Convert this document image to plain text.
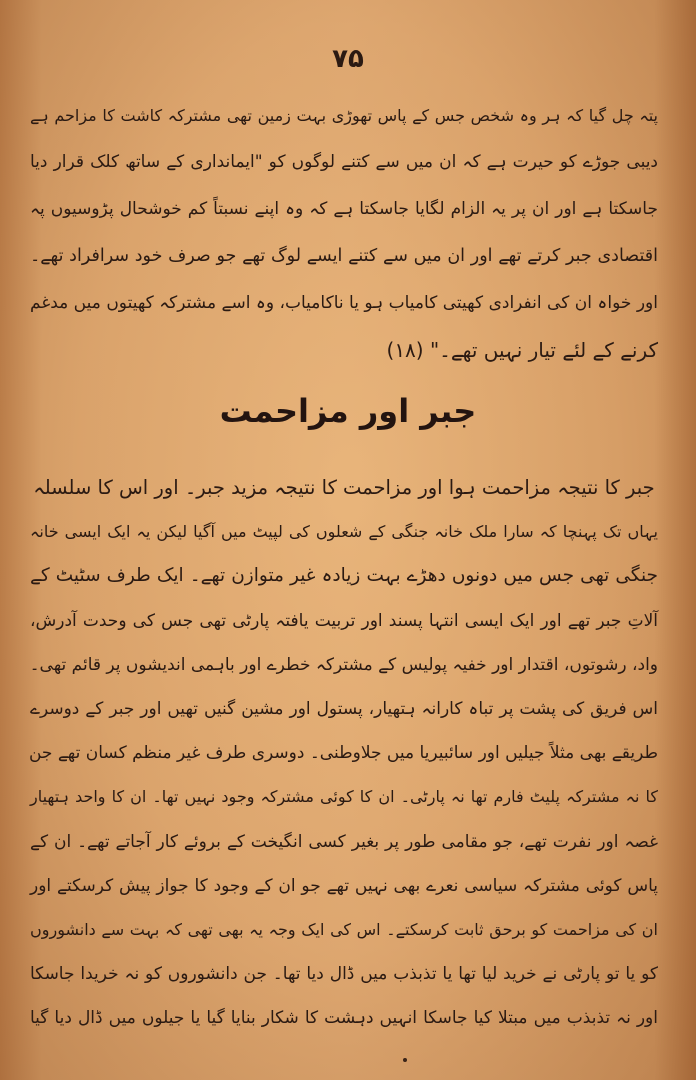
۷۵
پتہ چل گیا کہ ہر وہ شخص جس کے پاس تھوڑی بہت زمین تھی مشترکہ کاشت کا مزاحم ہے
دیبی جوڑے کو حیرت ہے کہ ان میں سے کتنے لوگوں کو "ایمانداری کے ساتھ کلک قرار دیا
جاسکتا ہے اور ان پر یہ الزام لگایا جاسکتا ہے کہ وہ اپنے نسبتاً کم خوشحال پڑوسیوں پہ
اقتصادی جبر کرتے تھے اور ان میں سے کتنے ایسے لوگ تھے جو صرف خود سرافراد تھے۔
اور خواہ ان کی انفرادی کھیتی کامیاب ہو یا ناکامیاب، وہ اسے مشترکہ کھیتوں میں مدغم
کرنے کے لئے تیار نہیں تھے۔" (۱۸)
جبر اور مزاحمت
جبر کا نتیجہ مزاحمت ہوا اور مزاحمت کا نتیجہ مزید جبر۔ اور اس کا سلسلہ
یہاں تک پہنچا کہ سارا ملک خانہ جنگی کے شعلوں کی لپیٹ میں آگیا لیکن یہ ایک ایسی خانہ
جنگی تھی جس میں دونوں دھڑے بہت زیادہ غیر متوازن تھے۔ ایک طرف سٹیٹ کے
آلاتِ جبر تھے اور ایک ایسی انتہا پسند اور تربیت یافتہ پارٹی تھی جس کی وحدت آدرش،
واد، رشوتوں، اقتدار اور خفیہ پولیس کے مشترکہ خطرے اور باہمی اندیشوں پر قائم تھی۔
اس فریق کی پشت پر تباہ کارانہ ہتھیار، پستول اور مشین گنیں تھیں اور جبر کے دوسرے
طریقے بھی مثلاً جیلیں اور سائبیریا میں جلاوطنی۔ دوسری طرف غیر منظم کسان تھے جن
کا نہ مشترکہ پلیٹ فارم تھا نہ پارٹی۔ ان کا کوئی مشترکہ وجود نہیں تھا۔ ان کا واحد ہتھیار
غصہ اور نفرت تھے، جو مقامی طور پر بغیر کسی انگیخت کے بروئے کار آجاتے تھے۔ ان کے
پاس کوئی مشترکہ سیاسی نعرے بھی نہیں تھے جو ان کے وجود کا جواز پیش کرسکتے اور
ان کی مزاحمت کو برحق ثابت کرسکتے۔ اس کی ایک وجہ یہ بھی تھی کہ بہت سے دانشوروں
کو یا تو پارٹی نے خرید لیا تھا یا تذبذب میں ڈال دیا تھا۔ جن دانشوروں کو نہ خریدا جاسکا
اور نہ تذبذب میں مبتلا کیا جاسکا انہیں دہشت کا شکار بنایا گیا یا جیلوں میں ڈال دیا گیا
